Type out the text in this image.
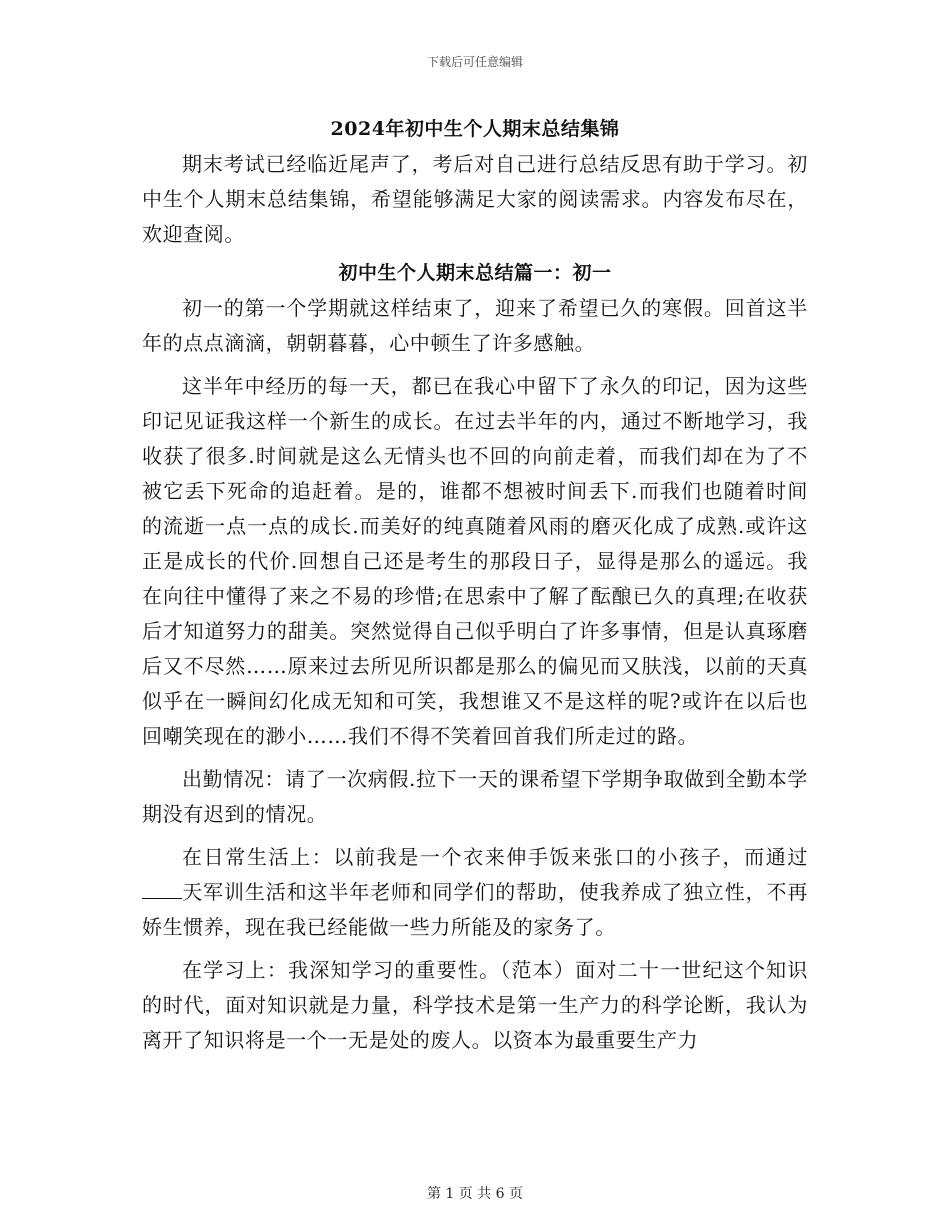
下载后可任意编辑
2024年初中生个人期末总结集锦

期末考试已经临近尾声了，考后对自己进行总结反思有助于学习。初中生个人期末总结集锦，希望能够满足大家的阅读需求。内容发布尽在，欢迎查阅。

初中生个人期末总结篇一：初一

初一的第一个学期就这样结束了，迎来了希望已久的寒假。回首这半年的点点滴滴，朝朝暮暮，心中顿生了许多感触。

这半年中经历的每一天，都已在我心中留下了永久的印记，因为这些印记见证我这样一个新生的成长。在过去半年的内，通过不断地学习，我收获了很多.时间就是这么无情头也不回的向前走着，而我们却在为了不被它丢下死命的追赶着。是的，谁都不想被时间丢下.而我们也随着时间的流逝一点一点的成长.而美好的纯真随着风雨的磨灭化成了成熟.或许这正是成长的代价.回想自己还是考生的那段日子，显得是那么的遥远。我在向往中懂得了来之不易的珍惜;在思索中了解了酝酿已久的真理;在收获后才知道努力的甜美。突然觉得自己似乎明白了许多事情，但是认真琢磨后又不尽然……原来过去所见所识都是那么的偏见而又肤浅，以前的天真似乎在一瞬间幻化成无知和可笑，我想谁又不是这样的呢?或许在以后也回嘲笑现在的渺小……我们不得不笑着回首我们所走过的路。

出勤情况：请了一次病假.拉下一天的课希望下学期争取做到全勤本学期没有迟到的情况。

在日常生活上：以前我是一个衣来伸手饭来张口的小孩子，而通过天军训生活和这半年老师和同学们的帮助，使我养成了独立性，不再娇生惯养，现在我已经能做一些力所能及的家务了。

在学习上：我深知学习的重要性。（范本）面对二十一世纪这个知识的时代，面对知识就是力量，科学技术是第一生产力的科学论断，我认为离开了知识将是一个一无是处的废人。以资本为最重要生产力

第 1 页 共 6 页
